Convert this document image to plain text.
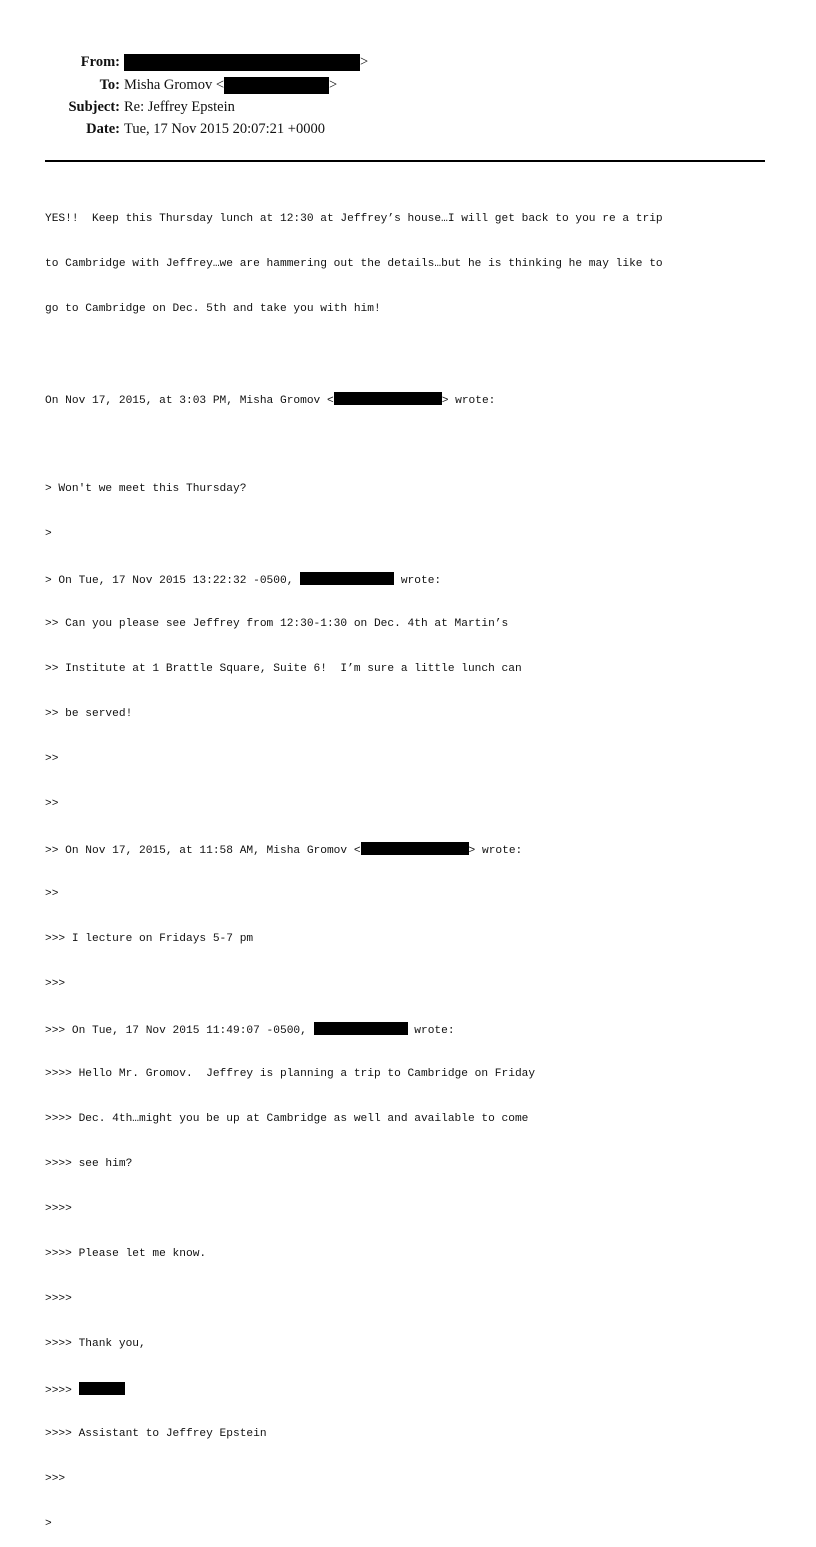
From:	>
To: Misha Gromov <	>
Subject: Re: Jeffrey Epstein
Date: Tue, 17 Nov 2015 20:07:21 +0000

YES!!  Keep this Thursday lunch at 12:30 at Jeffrey’s house…I will get back to you re a trip

to Cambridge with Jeffrey…we are hammering out the details…but he is thinking he may like to

go to Cambridge on Dec. 5th and take you with him!

On Nov 17, 2015, at 3:03 PM, Misha Gromov <	> wrote:

> Won't we meet this Thursday?

>

> On Tue, 17 Nov 2015 13:22:32 -0500,	wrote:

>> Can you please see Jeffrey from 12:30-1:30 on Dec. 4th at Martin’s

>> Institute at 1 Brattle Square, Suite 6!  I’m sure a little lunch can

>> be served!

>>

>>

>> On Nov 17, 2015, at 11:58 AM, Misha Gromov <	> wrote:

>>

>>> I lecture on Fridays 5-7 pm

>>>

>>> On Tue, 17 Nov 2015 11:49:07 -0500,	wrote:

>>>> Hello Mr. Gromov.  Jeffrey is planning a trip to Cambridge on Friday

>>>> Dec. 4th…might you be up at Cambridge as well and available to come

>>>> see him?

>>>>

>>>> Please let me know.

>>>>

>>>> Thank you,

>>>>

>>>> Assistant to Jeffrey Epstein

>>>

>
